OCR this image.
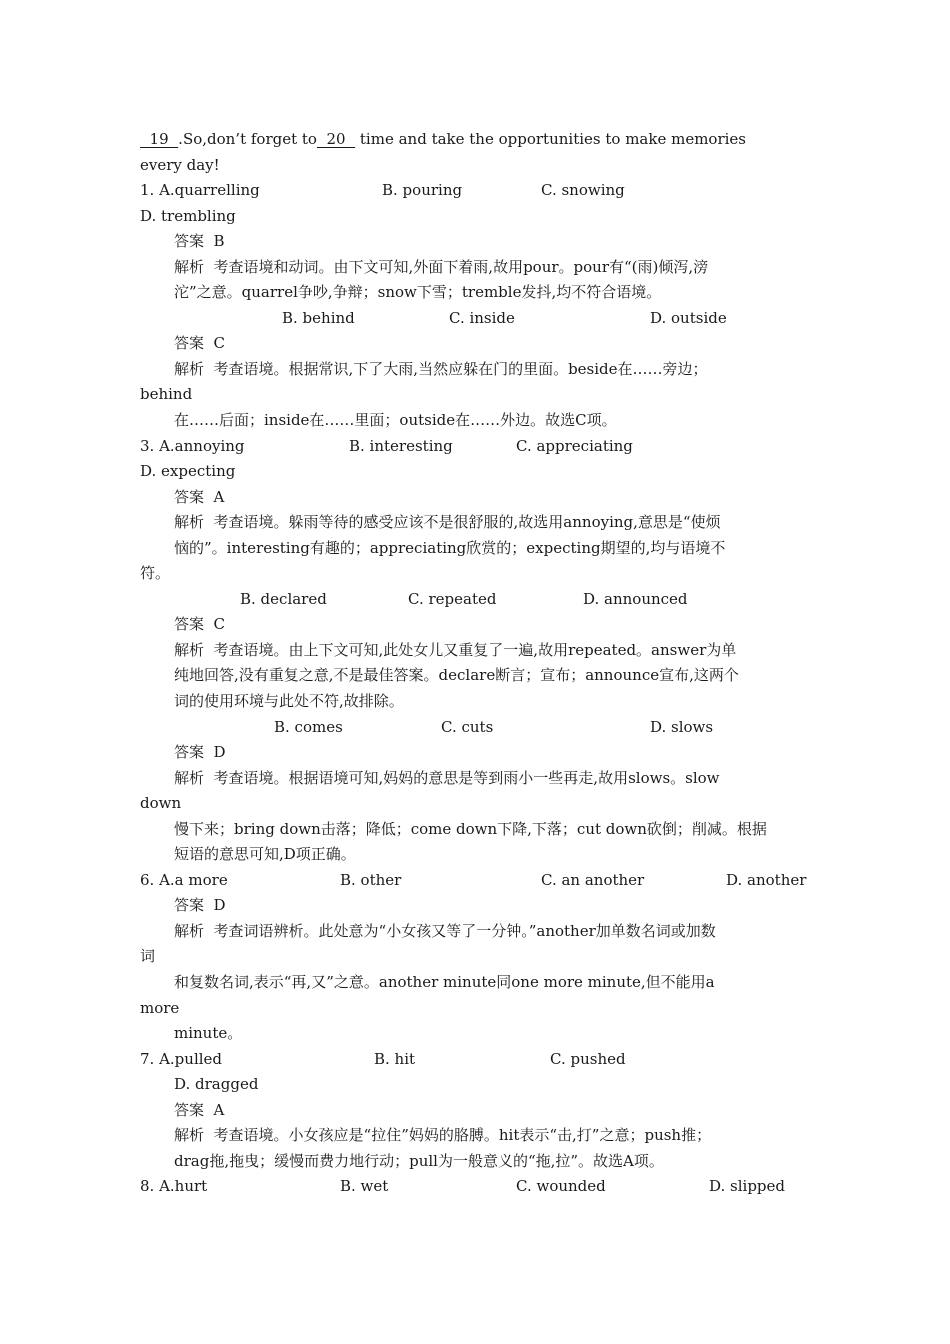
19  .So,don’t forget to  20   time and take the opportunities to make memories
every day!
1. A.quarrelling	B. pouring	C. snowing
D. trembling
答案  B
解析  考查语境和动词。由下文可知,外面下着雨,故用pour。pour有“(雨)倾泻,滂
沱”之意。quarrel争吵,争辩；snow下雪；tremble发抖,均不符合语境。
B. behind	C. inside	D. outside
答案  C
解析  考查语境。根据常识,下了大雨,当然应躲在门的里面。beside在……旁边；
behind
在……后面；inside在……里面；outside在……外边。故选C项。
3. A.annoying	B. interesting	C. appreciating
D. expecting
答案  A
解析  考查语境。躲雨等待的感受应该不是很舒服的,故选用annoying,意思是“使烦
恼的”。interesting有趣的；appreciating欣赏的；expecting期望的,均与语境不
符。
B. declared	C. repeated	D. announced
答案  C
解析  考查语境。由上下文可知,此处女儿又重复了一遍,故用repeated。answer为单
纯地回答,没有重复之意,不是最佳答案。declare断言；宣布；announce宣布,这两个
词的使用环境与此处不符,故排除。
B. comes	C. cuts	D. slows
答案  D
解析  考查语境。根据语境可知,妈妈的意思是等到雨小一些再走,故用slows。slow
down
慢下来；bring down击落；降低；come down下降,下落；cut down砍倒；削减。根据
短语的意思可知,D项正确。
6. A.a more	B. other	C. an another	D. another
答案  D
解析  考查词语辨析。此处意为“小女孩又等了一分钟。”another加单数名词或加数
词
和复数名词,表示“再,又”之意。another minute同one more minute,但不能用a
more
minute。
7. A.pulled	B. hit	C. pushed
D. dragged
答案  A
解析  考查语境。小女孩应是“拉住”妈妈的胳膊。hit表示“击,打”之意；push推；
drag拖,拖曳；缓慢而费力地行动；pull为一般意义的“拖,拉”。故选A项。
8. A.hurt	B. wet	C. wounded	D. slipped
